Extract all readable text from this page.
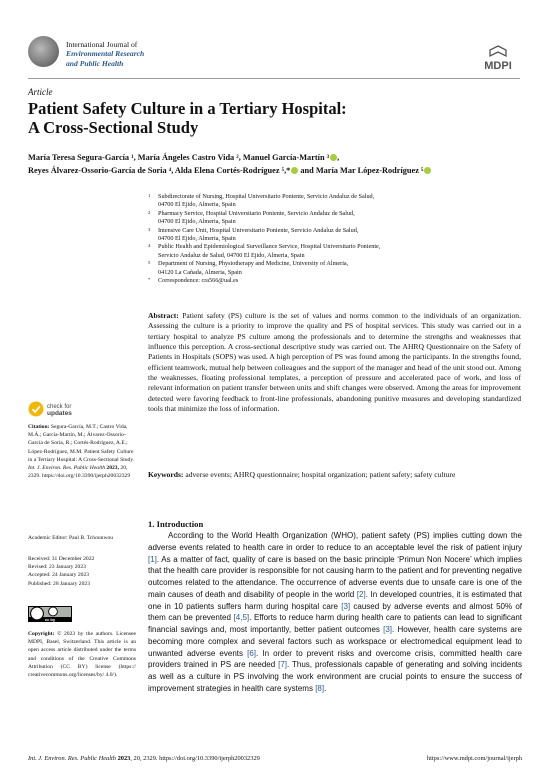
International Journal of
Environmental Research
and Public Health	MDPI
Article
Patient Safety Culture in a Tertiary Hospital:
A Cross-Sectional Study
María Teresa Segura-García ¹, María Ángeles Castro Vida ², Manuel García-Martín ³ ,
Reyes Álvarez-Ossorio-García de Soria ⁴, Alda Elena Cortés-Rodríguez ⁵,* and María Mar López-Rodríguez ⁵
1 Subdirectorate of Nursing, Hospital Universitario Poniente, Servicio Andaluz de Salud,
04700 El Ejido, Almeria, Spain
2 Pharmacy Service, Hospital Universitario Poniente, Servicio Andaluz de Salud,
04700 El Ejido, Almeria, Spain
3 Intensive Care Unit, Hospital Universitario Poniente, Servicio Andaluz de Salud,
04700 El Ejido, Almeria, Spain
4 Public Health and Epidemiological Surveillance Service, Hospital Universitario Poniente,
Servicio Andaluz de Salud, 04700 El Ejido, Almeria, Spain
5 Department of Nursing, Physiotherapy and Medicine, University of Almeria,
04120 La Cañada, Almeria, Spain
* Correspondence: cra566@ual.es
Abstract: Patient safety (PS) culture is the set of values and norms common to the individuals of an organization. Assessing the culture is a priority to improve the quality and PS of hospital services. This study was carried out in a tertiary hospital to analyze PS culture among the professionals and to determine the strengths and weaknesses that influence this perception. A cross-sectional descriptive study was carried out. The AHRQ Questionnaire on the Safety of Patients in Hospitals (SOPS) was used. A high perception of PS was found among the participants. In the strengths found, efficient teamwork, mutual help between colleagues and the support of the manager and head of the unit stood out. Among the weaknesses, floating professional templates, a perception of pressure and accelerated pace of work, and loss of relevant information on patient transfer between units and shift changes were observed. Among the areas for improvement detected were favoring feedback to front-line professionals, abandoning punitive measures and developing standardized tools that minimize the loss of information.
Keywords: adverse events; AHRQ questionnaire; hospital organization; patient safety; safety culture
check for
updates
Citation: Segura-García, M.T.; Castro Vida, M.Á.; García-Martín, M.; Álvarez-Ossorio-García de Soria, R.; Cortés-Rodríguez, A.E.; López-Rodríguez, M.M. Patient Safety Culture in a Tertiary Hospital: A Cross-Sectional Study. Int. J. Environ. Res. Public Health 2023, 20, 2329. https://doi.org/10.3390/ijerph20032329
Academic Editor: Paul B. Tchounwou
Received: 31 December 2022
Revised: 23 January 2023
Accepted: 24 January 2023
Published: 28 January 2023
cc by
Copyright: © 2023 by the authors. Licensee MDPI, Basel, Switzerland. This article is an open access article distributed under the terms and conditions of the Creative Commons Attribution (CC BY) license (https:// creativecommons.org/licenses/by/ 4.0/).
1. Introduction

According to the World Health Organization (WHO), patient safety (PS) implies cutting down the adverse events related to health care in order to reduce to an acceptable level the risk of patient injury [1]. As a matter of fact, quality of care is based on the basic principle ‘Primun Non Nocere’ which implies that the health care provider is responsible for not causing harm to the patient and for preventing negative outcomes related to the attendance. The occurrence of adverse events due to unsafe care is one of the main causes of death and disability of people in the world [2]. In developed countries, it is estimated that one in 10 patients suffers harm during hospital care [3] caused by adverse events and almost 50% of them can be prevented [4,5]. Efforts to reduce harm during health care to patients can lead to significant financial savings and, most importantly, better patient outcomes [3]. However, health care systems are becoming more complex and several factors such as workspace or electromedical equipment lead to unwanted adverse events [6]. In order to prevent risks and overcome crisis, committed health care providers trained in PS are needed [7]. Thus, professionals capable of generating and solving incidents as well as a culture in PS involving the work environment are crucial points to ensure the success of improvement strategies in health care systems [8].

Int. J. Environ. Res. Public Health 2023, 20, 2329. https://doi.org/10.3390/ijerph20032329	https://www.mdpi.com/journal/ijerph
